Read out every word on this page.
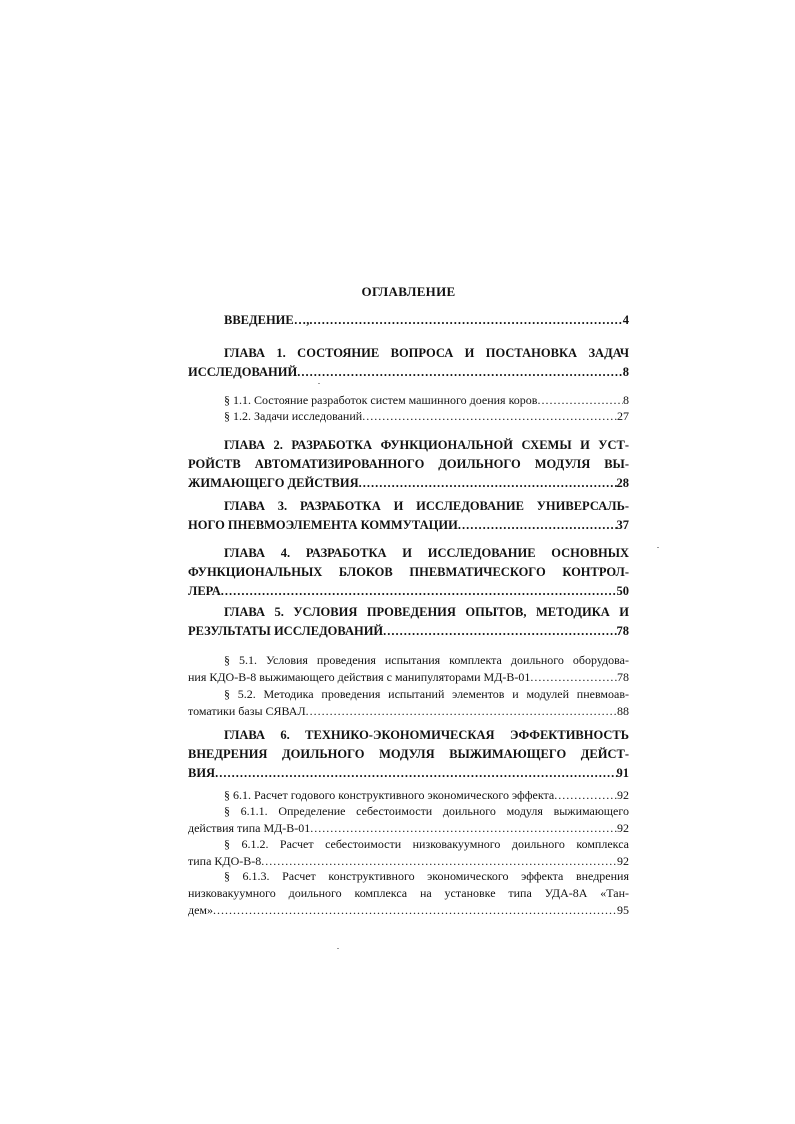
ОГЛАВЛЕНИЕ
ВВЕДЕНИЕ…, .....	4
ГЛАВА 1. СОСТОЯНИЕ ВОПРОСА И ПОСТАНОВКА ЗАДАЧ
ИССЛЕДОВАНИЙ .....	8
§ 1.1. Состояние разработок систем машинного доения коров .....	8
§ 1.2. Задачи исследований .....	27
ГЛАВА 2. РАЗРАБОТКА ФУНКЦИОНАЛЬНОЙ СХЕМЫ И УСТ-
РОЙСТВ АВТОМАТИЗИРОВАННОГО ДОИЛЬНОГО МОДУЛЯ ВЫ-
ЖИМАЮЩЕГО ДЕЙСТВИЯ .....	28
ГЛАВА 3. РАЗРАБОТКА И ИССЛЕДОВАНИЕ УНИВЕРСАЛЬ-
НОГО ПНЕВМОЭЛЕМЕНТА КОММУТАЦИИ .....	37
ГЛАВА 4. РАЗРАБОТКА И ИССЛЕДОВАНИЕ ОСНОВНЫХ
ФУНКЦИОНАЛЬНЫХ БЛОКОВ ПНЕВМАТИЧЕСКОГО КОНТРОЛ-
ЛЕРА .....	50
ГЛАВА 5. УСЛОВИЯ ПРОВЕДЕНИЯ ОПЫТОВ, МЕТОДИКА И
РЕЗУЛЬТАТЫ ИССЛЕДОВАНИЙ .....	78
§ 5.1. Условия проведения испытания комплекта доильного оборудова-
ния КДО-В-8 выжимающего действия с манипуляторами МД-В-01 .....	78
§ 5.2. Методика проведения испытаний элементов и модулей пневмоав-
томатики базы СЯВАЛ .....	88
ГЛАВА 6. ТЕХНИКО-ЭКОНОМИЧЕСКАЯ ЭФФЕКТИВНОСТЬ
ВНЕДРЕНИЯ ДОИЛЬНОГО МОДУЛЯ ВЫЖИМАЮЩЕГО ДЕЙСТ-
ВИЯ .....	91
§ 6.1. Расчет годового конструктивного экономического эффекта .....	92
§ 6.1.1. Определение себестоимости доильного модуля выжимающего
действия типа МД-В-01 .....	92
§ 6.1.2. Расчет себестоимости низковакуумного доильного комплекса
типа КДО-В-8 .....	92
§ 6.1.3. Расчет конструктивного экономического эффекта внедрения
низковакуумного доильного комплекса на установке типа УДА-8А «Тан-
дем» .....	95
